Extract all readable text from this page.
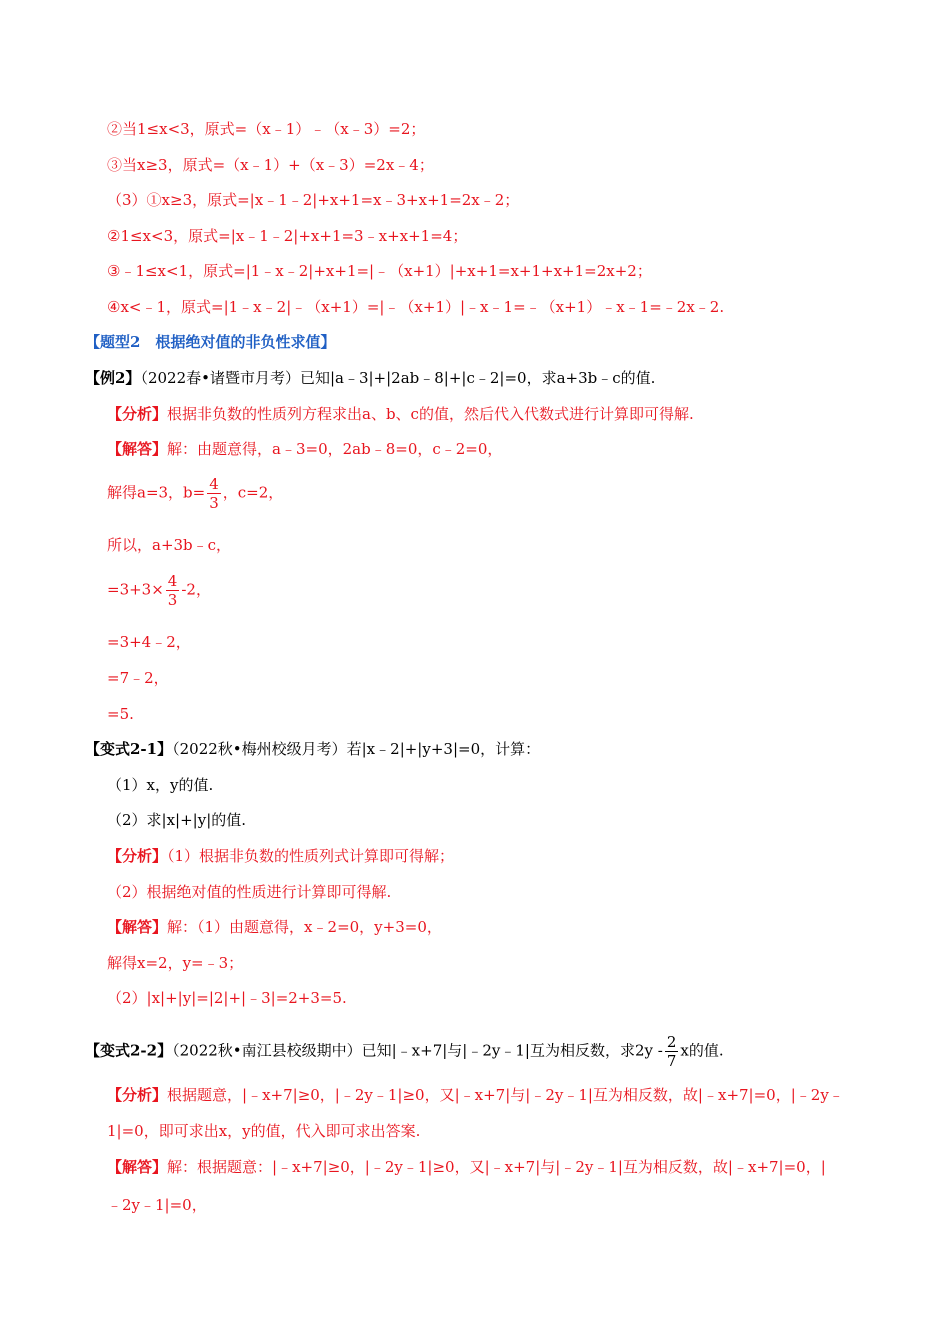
②当1≤x<3，原式=（x﹣1）﹣（x﹣3）=2；
③当x≥3，原式=（x﹣1）+（x﹣3）=2x﹣4；
（3）①x≥3，原式=|x﹣1﹣2|+x+1=x﹣3+x+1=2x﹣2；
②1≤x<3，原式=|x﹣1﹣2|+x+1=3﹣x+x+1=4；
③﹣1≤x<1，原式=|1﹣x﹣2|+x+1=|﹣（x+1）|+x+1=x+1+x+1=2x+2；
④x<﹣1，原式=|1﹣x﹣2|﹣（x+1）=|﹣（x+1）|﹣x﹣1=﹣（x+1）﹣x﹣1=﹣2x﹣2.
【题型2　根据绝对值的非负性求值】
【例2】（2022春•诸暨市月考）已知|a﹣3|+|2ab﹣8|+|c﹣2|=0，求a+3b﹣c的值.
【分析】根据非负数的性质列方程求出a、b、c的值，然后代入代数式进行计算即可得解.
【解答】解：由题意得，a﹣3=0，2ab﹣8=0，c﹣2=0，
解得a=3，$b= \frac{4}{3}$ ，c=2，
所以，a+3b﹣c，
$=3+3\times \frac{4}{3} -2$，
=3+4﹣2，
=7﹣2，
=5.
【变式2-1】（2022秋•梅州校级月考）若|x﹣2|+|y+3|=0，计算：
（1）x，y的值.
（2）求|x|+|y|的值.
【分析】（1）根据非负数的性质列式计算即可得解；
（2）根据绝对值的性质进行计算即可得解.
【解答】解：（1）由题意得，x﹣2=0，y+3=0，
解得x=2，y=﹣3；
（2）|x|+|y|=|2|+|﹣3|=2+3=5.
【变式2-2】（2022秋•南江县校级期中）已知|﹣x+7|与|﹣2y﹣1|互为相反数，求$2y - \frac{2}{7}$ x的值.
【分析】根据题意，|﹣x+7|≥0，|﹣2y﹣1|≥0，又|﹣x+7|与|﹣2y﹣1|互为相反数，故|﹣x+7|=0，|﹣2y﹣
1|=0，即可求出x，y的值，代入即可求出答案.
【解答】解：根据题意：|﹣x+7|≥0，|﹣2y﹣1|≥0，又|﹣x+7|与|﹣2y﹣1|互为相反数，故|﹣x+7|=0，|
﹣2y﹣1|=0，
